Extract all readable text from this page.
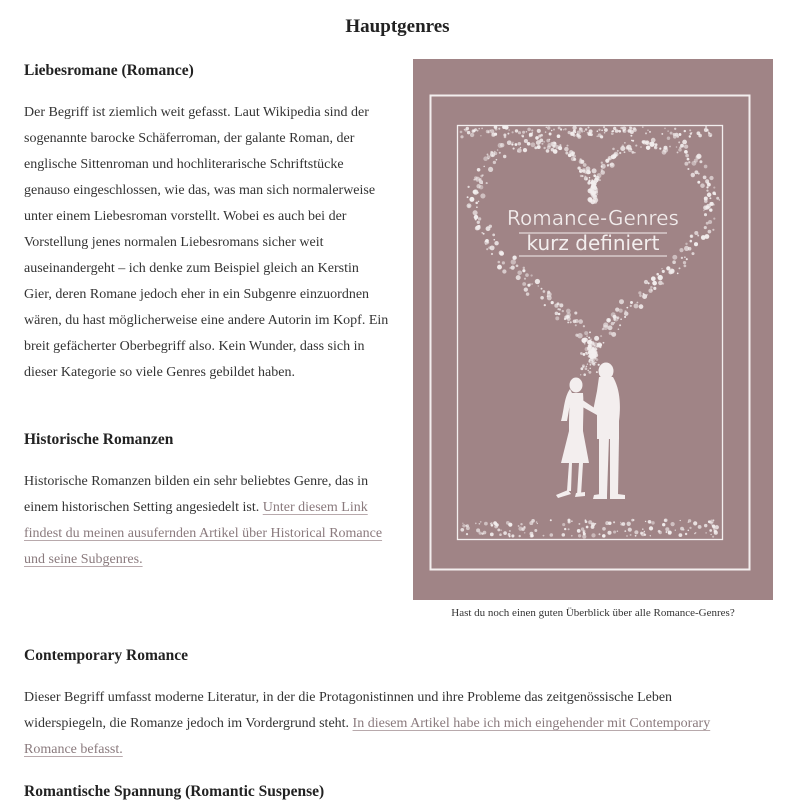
Hauptgenres
Liebesromane (Romance)

Der Begriff ist ziemlich weit gefasst. Laut Wikipedia sind der sogenannte barocke Schäferroman, der galante Roman, der englische Sittenroman und hochliterarische Schriftstücke genauso eingeschlossen, wie das, was man sich normalerweise unter einem Liebesroman vorstellt. Wobei es auch bei der Vorstellung jenes normalen Liebesromans sicher weit auseinandergeht – ich denke zum Beispiel gleich an Kerstin Gier, deren Romane jedoch eher in ein Subgenre einzuordnen wären, du hast möglicherweise eine andere Autorin im Kopf. Ein breit gefächerter Oberbegriff also. Kein Wunder, dass sich in dieser Kategorie so viele Genres gebildet haben.

Historische Romanzen

Historische Romanzen bilden ein sehr beliebtes Genre, das in einem historischen Setting angesiedelt ist. Unter diesem Link findest du meinen ausufernden Artikel über Historical Romance und seine Subgenres.

Romance-Genres
kurz definiert

Hast du noch einen guten Überblick über alle Romance-Genres?

Contemporary Romance

Dieser Begriff umfasst moderne Literatur, in der die Protagonistinnen und ihre Probleme das zeitgenössische Leben widerspiegeln, die Romanze jedoch im Vordergrund steht. In diesem Artikel habe ich mich eingehender mit Contemporary Romance befasst.

Romantische Spannung (Romantic Suspense)
